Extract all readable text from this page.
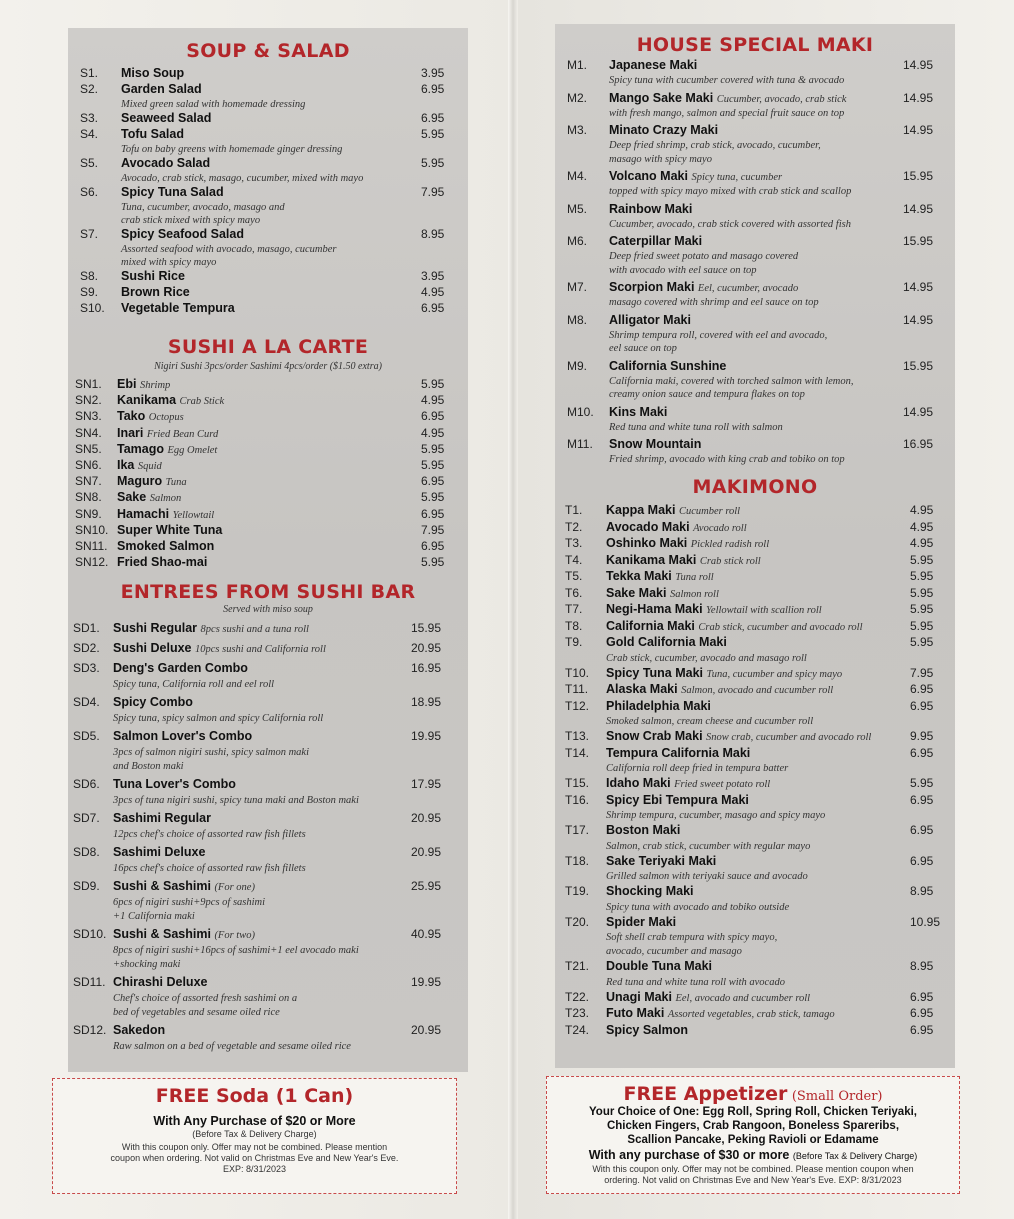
SOUP & SALAD
S1. Miso Soup	3.95
S2. Garden Salad	6.95
Mixed green salad with homemade dressing
S3. Seaweed Salad	6.95
S4. Tofu Salad	5.95
Tofu on baby greens with homemade ginger dressing
S5. Avocado Salad	5.95
Avocado, crab stick, masago, cucumber, mixed with mayo
S6. Spicy Tuna Salad	7.95
Tuna, cucumber, avocado, masago and
crab stick mixed with spicy mayo
S7. Spicy Seafood Salad	8.95
Assorted seafood with avocado, masago, cucumber
mixed with spicy mayo
S8. Sushi Rice	3.95
S9. Brown Rice	4.95
S10. Vegetable Tempura	6.95
SUSHI A LA CARTE
Nigiri Sushi 3pcs/order Sashimi 4pcs/order ($1.50 extra)
SN1. Ebi Shrimp	5.95
SN2. Kanikama Crab Stick	4.95
SN3. Tako Octopus	6.95
SN4. Inari Fried Bean Curd	4.95
SN5. Tamago Egg Omelet	5.95
SN6. Ika Squid	5.95
SN7. Maguro Tuna	6.95
SN8. Sake Salmon	5.95
SN9. Hamachi Yellowtail	6.95
SN10. Super White Tuna	7.95
SN11. Smoked Salmon	6.95
SN12. Fried Shao-mai	5.95
ENTREES FROM SUSHI BAR
Served with miso soup
SD1. Sushi Regular 8pcs sushi and a tuna roll	15.95
SD2. Sushi Deluxe 10pcs sushi and California roll	20.95
SD3. Deng's Garden Combo	16.95
Spicy tuna, California roll and eel roll
SD4. Spicy Combo	18.95
Spicy tuna, spicy salmon and spicy California roll
SD5. Salmon Lover's Combo	19.95
3pcs of salmon nigiri sushi, spicy salmon maki
and Boston maki
SD6. Tuna Lover's Combo	17.95
3pcs of tuna nigiri sushi, spicy tuna maki and Boston maki
SD7. Sashimi Regular	20.95
12pcs chef's choice of assorted raw fish fillets
SD8. Sashimi Deluxe	20.95
16pcs chef's choice of assorted raw fish fillets
SD9. Sushi & Sashimi (For one)	25.95
6pcs of nigiri sushi+9pcs of sashimi
+1 California maki
SD10. Sushi & Sashimi (For two)	40.95
8pcs of nigiri sushi+16pcs of sashimi+1 eel avocado maki
+shocking maki
SD11. Chirashi Deluxe	19.95
Chef's choice of assorted fresh sashimi on a
bed of vegetables and sesame oiled rice
SD12. Sakedon	20.95
Raw salmon on a bed of vegetable and sesame oiled rice
HOUSE SPECIAL MAKI
M1. Japanese Maki	14.95
Spicy tuna with cucumber covered with tuna & avocado
M2. Mango Sake Maki Cucumber, avocado, crab stick	14.95
with fresh mango, salmon and special fruit sauce on top
M3. Minato Crazy Maki	14.95
Deep fried shrimp, crab stick, avocado, cucumber,
masago with spicy mayo
M4. Volcano Maki Spicy tuna, cucumber	15.95
topped with spicy mayo mixed with crab stick and scallop
M5. Rainbow Maki	14.95
Cucumber, avocado, crab stick covered with assorted fish
M6. Caterpillar Maki	15.95
Deep fried sweet potato and masago covered
with avocado with eel sauce on top
M7. Scorpion Maki Eel, cucumber, avocado	14.95
masago covered with shrimp and eel sauce on top
M8. Alligator Maki	14.95
Shrimp tempura roll, covered with eel and avocado,
eel sauce on top
M9. California Sunshine	15.95
California maki, covered with torched salmon with lemon,
creamy onion sauce and tempura flakes on top
M10. Kins Maki	14.95
Red tuna and white tuna roll with salmon
M11. Snow Mountain	16.95
Fried shrimp, avocado with king crab and tobiko on top
MAKIMONO
T1. Kappa Maki Cucumber roll	4.95
T2. Avocado Maki Avocado roll	4.95
T3. Oshinko Maki Pickled radish roll	4.95
T4. Kanikama Maki Crab stick roll	5.95
T5. Tekka Maki Tuna roll	5.95
T6. Sake Maki Salmon roll	5.95
T7. Negi-Hama Maki Yellowtail with scallion roll	5.95
T8. California Maki Crab stick, cucumber and avocado roll	5.95
T9. Gold California Maki	5.95
Crab stick, cucumber, avocado and masago roll
T10. Spicy Tuna Maki Tuna, cucumber and spicy mayo	7.95
T11. Alaska Maki Salmon, avocado and cucumber roll	6.95
T12. Philadelphia Maki	6.95
Smoked salmon, cream cheese and cucumber roll
T13. Snow Crab Maki Snow crab, cucumber and avocado roll	9.95
T14. Tempura California Maki	6.95
California roll deep fried in tempura batter
T15. Idaho Maki Fried sweet potato roll	5.95
T16. Spicy Ebi Tempura Maki	6.95
Shrimp tempura, cucumber, masago and spicy mayo
T17. Boston Maki	6.95
Salmon, crab stick, cucumber with regular mayo
T18. Sake Teriyaki Maki	6.95
Grilled salmon with teriyaki sauce and avocado
T19. Shocking Maki	8.95
Spicy tuna with avocado and tobiko outside
T20. Spider Maki	10.95
Soft shell crab tempura with spicy mayo,
avocado, cucumber and masago
T21. Double Tuna Maki	8.95
Red tuna and white tuna roll with avocado
T22. Unagi Maki Eel, avocado and cucumber roll	6.95
T23. Futo Maki Assorted vegetables, crab stick, tamago	6.95
T24. Spicy Salmon	6.95
FREE Soda (1 Can)
With Any Purchase of $20 or More
(Before Tax & Delivery Charge)
With this coupon only. Offer may not be combined. Please mention
coupon when ordering. Not valid on Christmas Eve and New Year's Eve.
EXP: 8/31/2023
FREE Appetizer (Small Order)
Your Choice of One: Egg Roll, Spring Roll, Chicken Teriyaki,
Chicken Fingers, Crab Rangoon, Boneless Spareribs,
Scallion Pancake, Peking Ravioli or Edamame
With any purchase of $30 or more (Before Tax & Delivery Charge)
With this coupon only. Offer may not be combined. Please mention coupon when
ordering. Not valid on Christmas Eve and New Year's Eve. EXP: 8/31/2023
